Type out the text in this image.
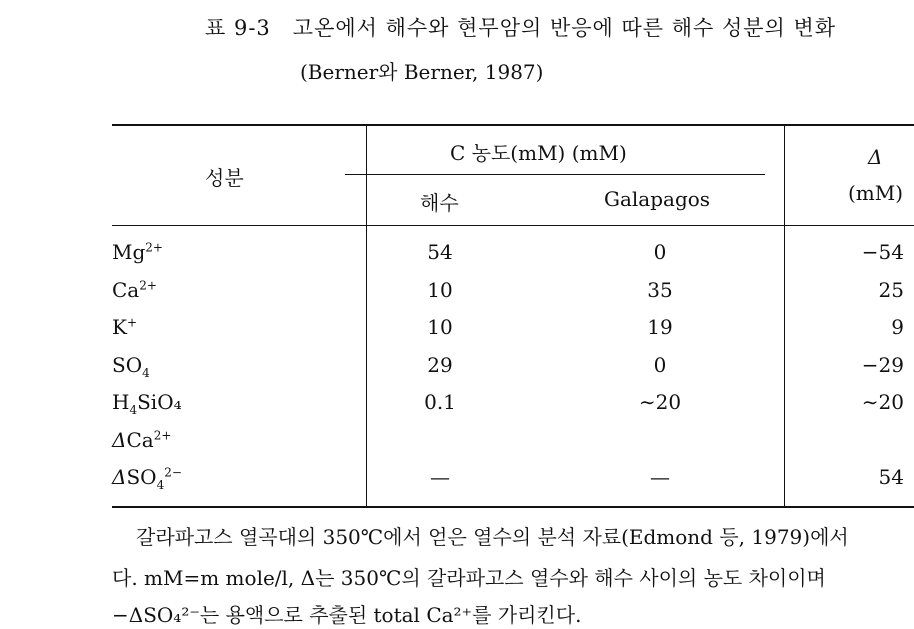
표 9-3 고온에서 해수와 현무암의 반응에 따른 해수 성분의 변화
(Berner와 Berner, 1987)
성분
C 농도(mM) (mM)
해수	Galapagos
Δ
(mM)
$Mg^{2+}$	54	0	−54
$Ca^{2+}$	10	35	25
K+	10	19	9
$SO_4$	29	0	−29
$H_4SiO_4$	0.1	∼20	∼20
ΔCa$^{2+}$
$\Delta SO_4^{2-}$	—	—	54
갈라파고스 열곡대의 350℃에서 얻은 열수의 분석 자료(Edmond 등, 1979)에서
다. mM=m mole/l, Δ는 350℃의 갈라파고스 열수와 해수 사이의 농도 차이이며
−ΔSO₄²⁻는 용액으로 추출된 total Ca²⁺를 가리킨다.
